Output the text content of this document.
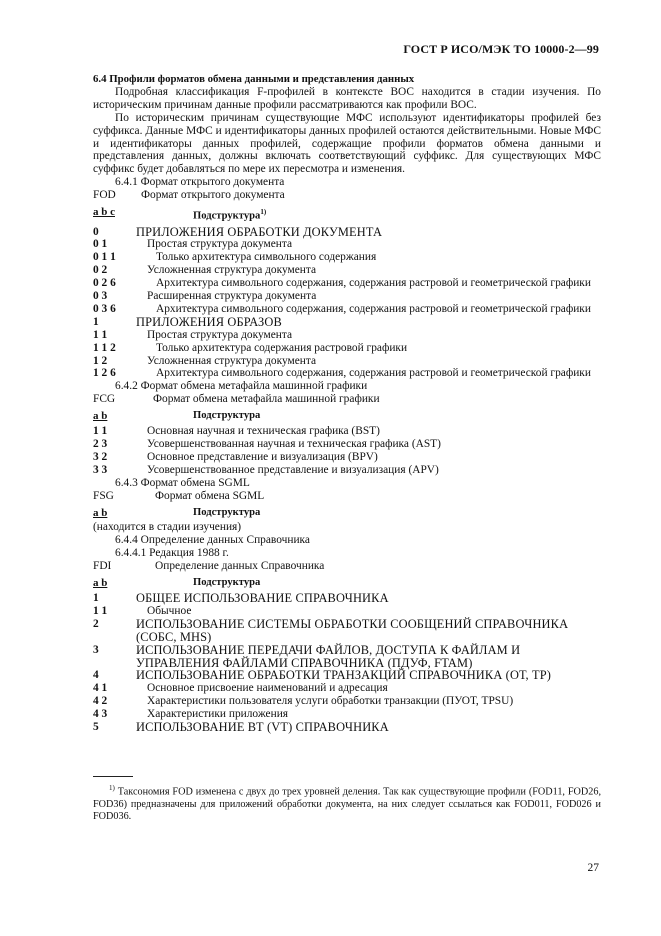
ГОСТ Р ИСО/МЭК ТО 10000-2—99
6.4 Профили форматов обмена данными и представления данных
Подробная классификация F-профилей в контексте ВОС находится в стадии изучения. По историческим причинам данные профили рассматриваются как профили ВОС.
По историческим причинам существующие МФС используют идентификаторы профилей без суффикса. Данные МФС и идентификаторы данных профилей остаются действительными. Новые МФС и идентификаторы данных профилей, содержащие профили форматов обмена данными и представления данных, должны включать соответствующий суффикс. Для существующих МФС суффикс будет добавляться по мере их пересмотра и изменения.
6.4.1 Формат открытого документа
FOD	Формат открытого документа
a b c	Подструктура$^{1)}$
0	ПРИЛОЖЕНИЯ ОБРАБОТКИ ДОКУМЕНТА
0 1	Простая структура документа
0 1 1	Только архитектура символьного содержания
0 2	Усложненная структура документа
0 2 6	Архитектура символьного содержания, содержания растровой и геометрической графики
0 3	Расширенная структура документа
0 3 6	Архитектура символьного содержания, содержания растровой и геометрической графики
1	ПРИЛОЖЕНИЯ ОБРАЗОВ
1 1	Простая структура документа
1 1 2	Только архитектура содержания растровой графики
1 2	Усложненная структура документа
1 2 6	Архитектура символьного содержания, содержания растровой и геометрической графики
6.4.2 Формат обмена метафайла машинной графики
FCG	Формат обмена метафайла машинной графики
a b	Подструктура
1 1	Основная научная и техническая графика (BST)
2 3	Усовершенствованная научная и техническая графика (AST)
3 2	Основное представление и визуализация (BPV)
3 3	Усовершенствованное представление и визуализация (APV)
6.4.3 Формат обмена SGML
FSG	Формат обмена SGML
a b	Подструктура
(находится в стадии изучения)
6.4.4 Определение данных Справочника
6.4.4.1 Редакция 1988 г.
FDI	Определение данных Справочника
a b	Подструктура
1	ОБЩЕЕ ИСПОЛЬЗОВАНИЕ СПРАВОЧНИКА
1 1	Обычное
2	ИСПОЛЬЗОВАНИЕ СИСТЕМЫ ОБРАБОТКИ СООБЩЕНИЙ СПРАВОЧНИКА (СОБС, MHS)
3	ИСПОЛЬЗОВАНИЕ ПЕРЕДАЧИ ФАЙЛОВ, ДОСТУПА К ФАЙЛАМ И УПРАВЛЕНИЯ ФАЙЛАМИ СПРАВОЧНИКА (ПДУФ, FTAM)
4	ИСПОЛЬЗОВАНИЕ ОБРАБОТКИ ТРАНЗАКЦИЙ СПРАВОЧНИКА (ОТ, TP)
4 1	Основное присвоение наименований и адресация
4 2	Характеристики пользователя услуги обработки транзакции (ПУОТ, TPSU)
4 3	Характеристики приложения
5	ИСПОЛЬЗОВАНИЕ ВТ (VT) СПРАВОЧНИКА
$^{1)}$ Таксономия FOD изменена с двух до трех уровней деления. Так как существующие профили (FOD11, FOD26, FOD36) предназначены для приложений обработки документа, на них следует ссылаться как FOD011, FOD026 и FOD036.
27
